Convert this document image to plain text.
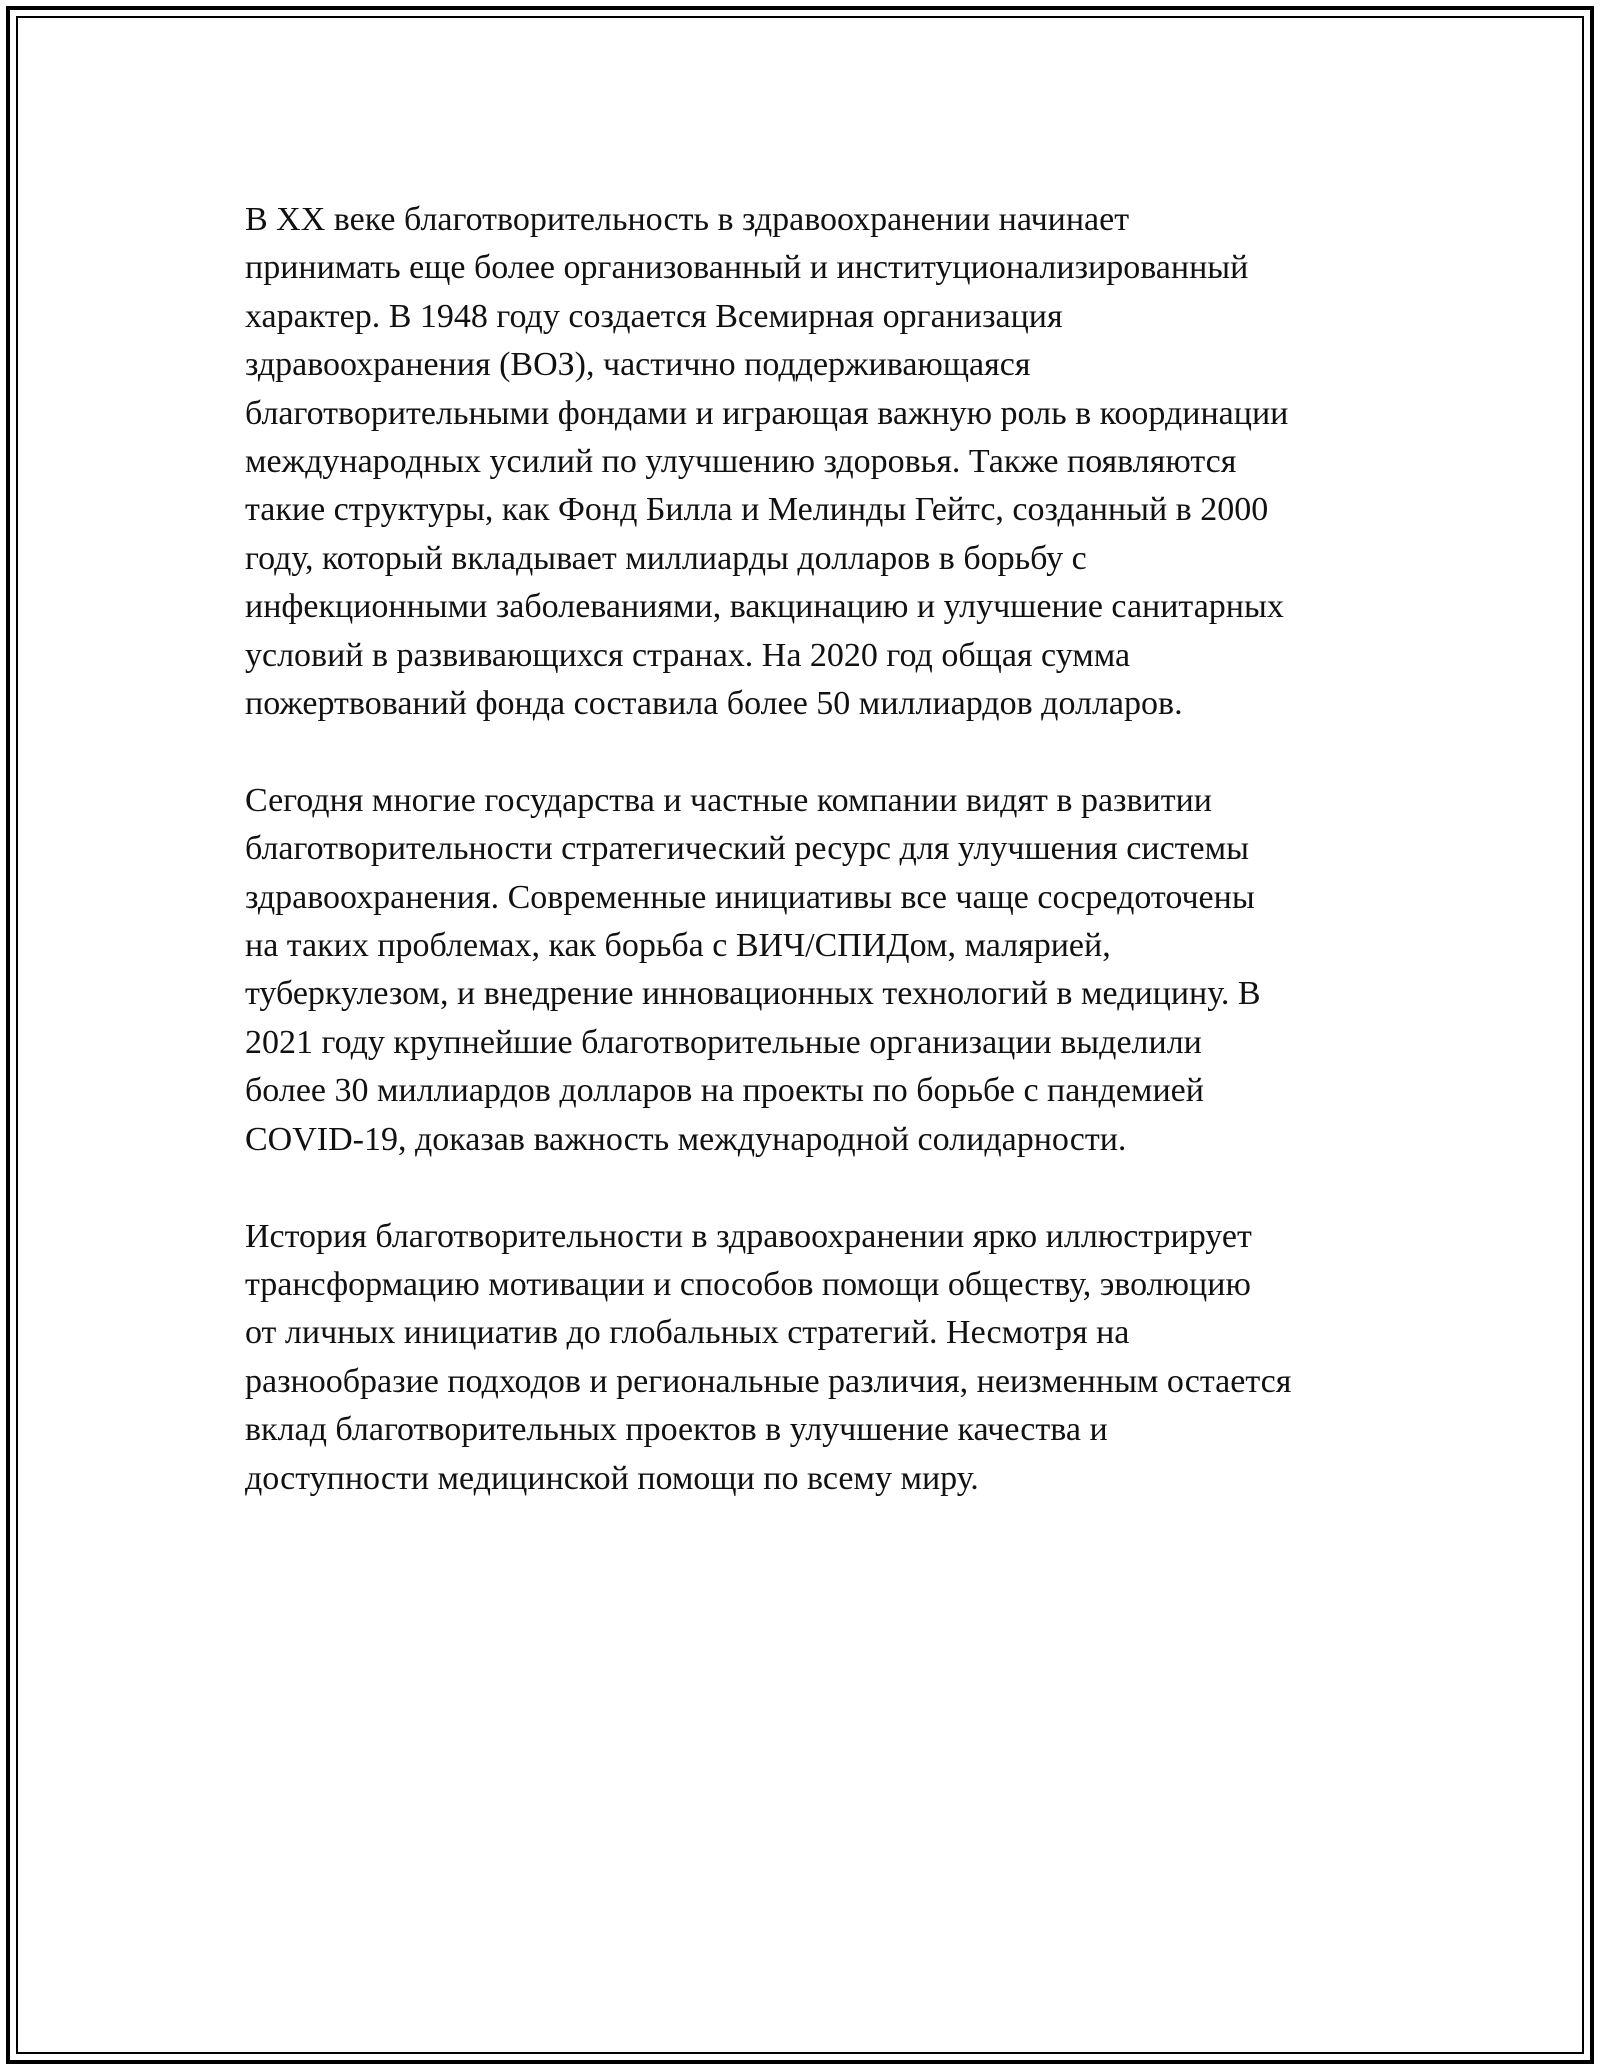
В XX веке благотворительность в здравоохранении начинает
принимать еще более организованный и институционализированный
характер. В 1948 году создается Всемирная организация
здравоохранения (ВОЗ), частично поддерживающаяся
благотворительными фондами и играющая важную роль в координации
международных усилий по улучшению здоровья. Также появляются
такие структуры, как Фонд Билла и Мелинды Гейтс, созданный в 2000
году, который вкладывает миллиарды долларов в борьбу с
инфекционными заболеваниями, вакцинацию и улучшение санитарных
условий в развивающихся странах. На 2020 год общая сумма
пожертвований фонда составила более 50 миллиардов долларов.

Сегодня многие государства и частные компании видят в развитии
благотворительности стратегический ресурс для улучшения системы
здравоохранения. Современные инициативы все чаще сосредоточены
на таких проблемах, как борьба с ВИЧ/СПИДом, малярией,
туберкулезом, и внедрение инновационных технологий в медицину. В
2021 году крупнейшие благотворительные организации выделили
более 30 миллиардов долларов на проекты по борьбе с пандемией
COVID-19, доказав важность международной солидарности.

История благотворительности в здравоохранении ярко иллюстрирует
трансформацию мотивации и способов помощи обществу, эволюцию
от личных инициатив до глобальных стратегий. Несмотря на
разнообразие подходов и региональные различия, неизменным остается
вклад благотворительных проектов в улучшение качества и
доступности медицинской помощи по всему миру.
